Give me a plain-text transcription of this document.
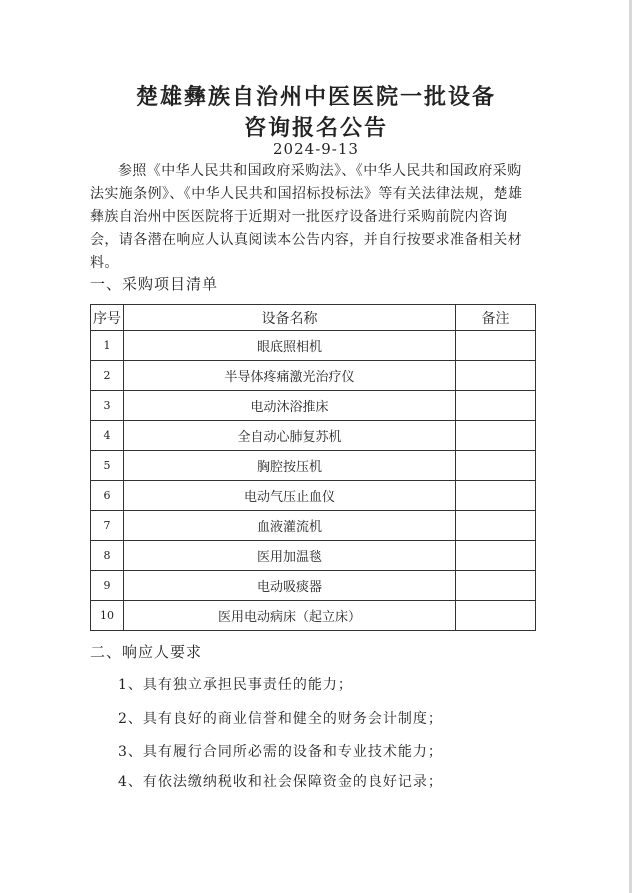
楚雄彝族自治州中医医院一批设备
咨询报名公告
2024-9-13
参照《中华人民共和国政府采购法》、《中华人民共和国政府采购法实施条例》、《中华人民共和国招标投标法》等有关法律法规，楚雄彝族自治州中医医院将于近期对一批医疗设备进行采购前院内咨询会，请各潜在响应人认真阅读本公告内容，并自行按要求准备相关材料。
一、采购项目清单
序号	设备名称	备注
1	眼底照相机	
2	半导体疼痛激光治疗仪	
3	电动沐浴推床	
4	全自动心肺复苏机	
5	胸腔按压机	
6	电动气压止血仪	
7	血液灌流机	
8	医用加温毯	
9	电动吸痰器	
10	医用电动病床（起立床）	
二、响应人要求
1、具有独立承担民事责任的能力；
2、具有良好的商业信誉和健全的财务会计制度；
3、具有履行合同所必需的设备和专业技术能力；
4、有依法缴纳税收和社会保障资金的良好记录；
